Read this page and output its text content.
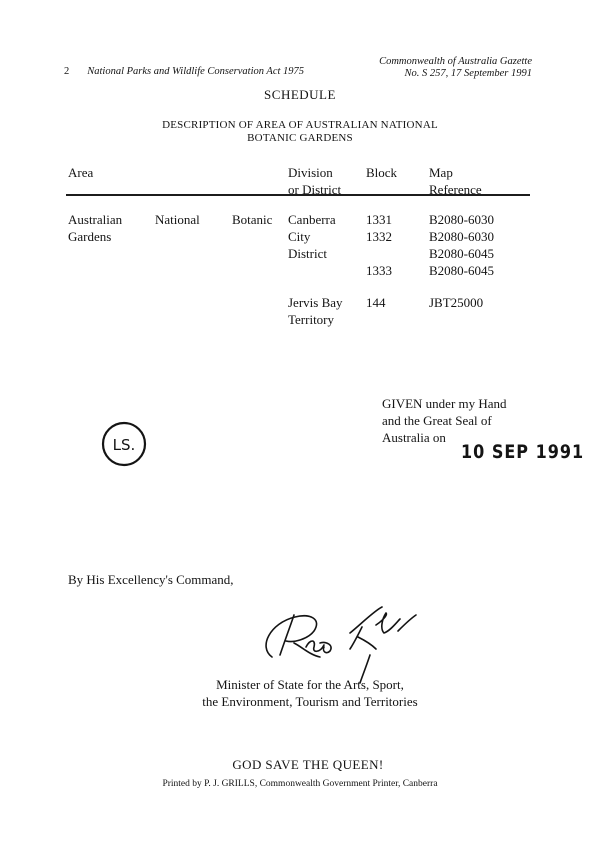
2 National Parks and Wildlife Conservation Act 1975
Commonwealth of Australia Gazette
No. S 257, 17 September 1991
SCHEDULE
DESCRIPTION OF AREA OF AUSTRALIAN NATIONAL
BOTANIC GARDENS
Area	Division
or District
Block Map
Reference
Australian	National Botanic
Gardens
Canberra
City
District
Jervis Bay
Territory
1331
1332
1333
144
B2080-6030
B2080-6030
B2080-6045
B2080-6045
JBT25000
GIVEN under my Hand
and the Great Seal of
Australia on
10 SEP 1991
LS.
By His Excellency's Command,
Minister of State for the Arts, Sport,
the Environment, Tourism and Territories
GOD SAVE THE QUEEN!
Printed by P. J. GRILLS, Commonwealth Government Printer, Canberra
